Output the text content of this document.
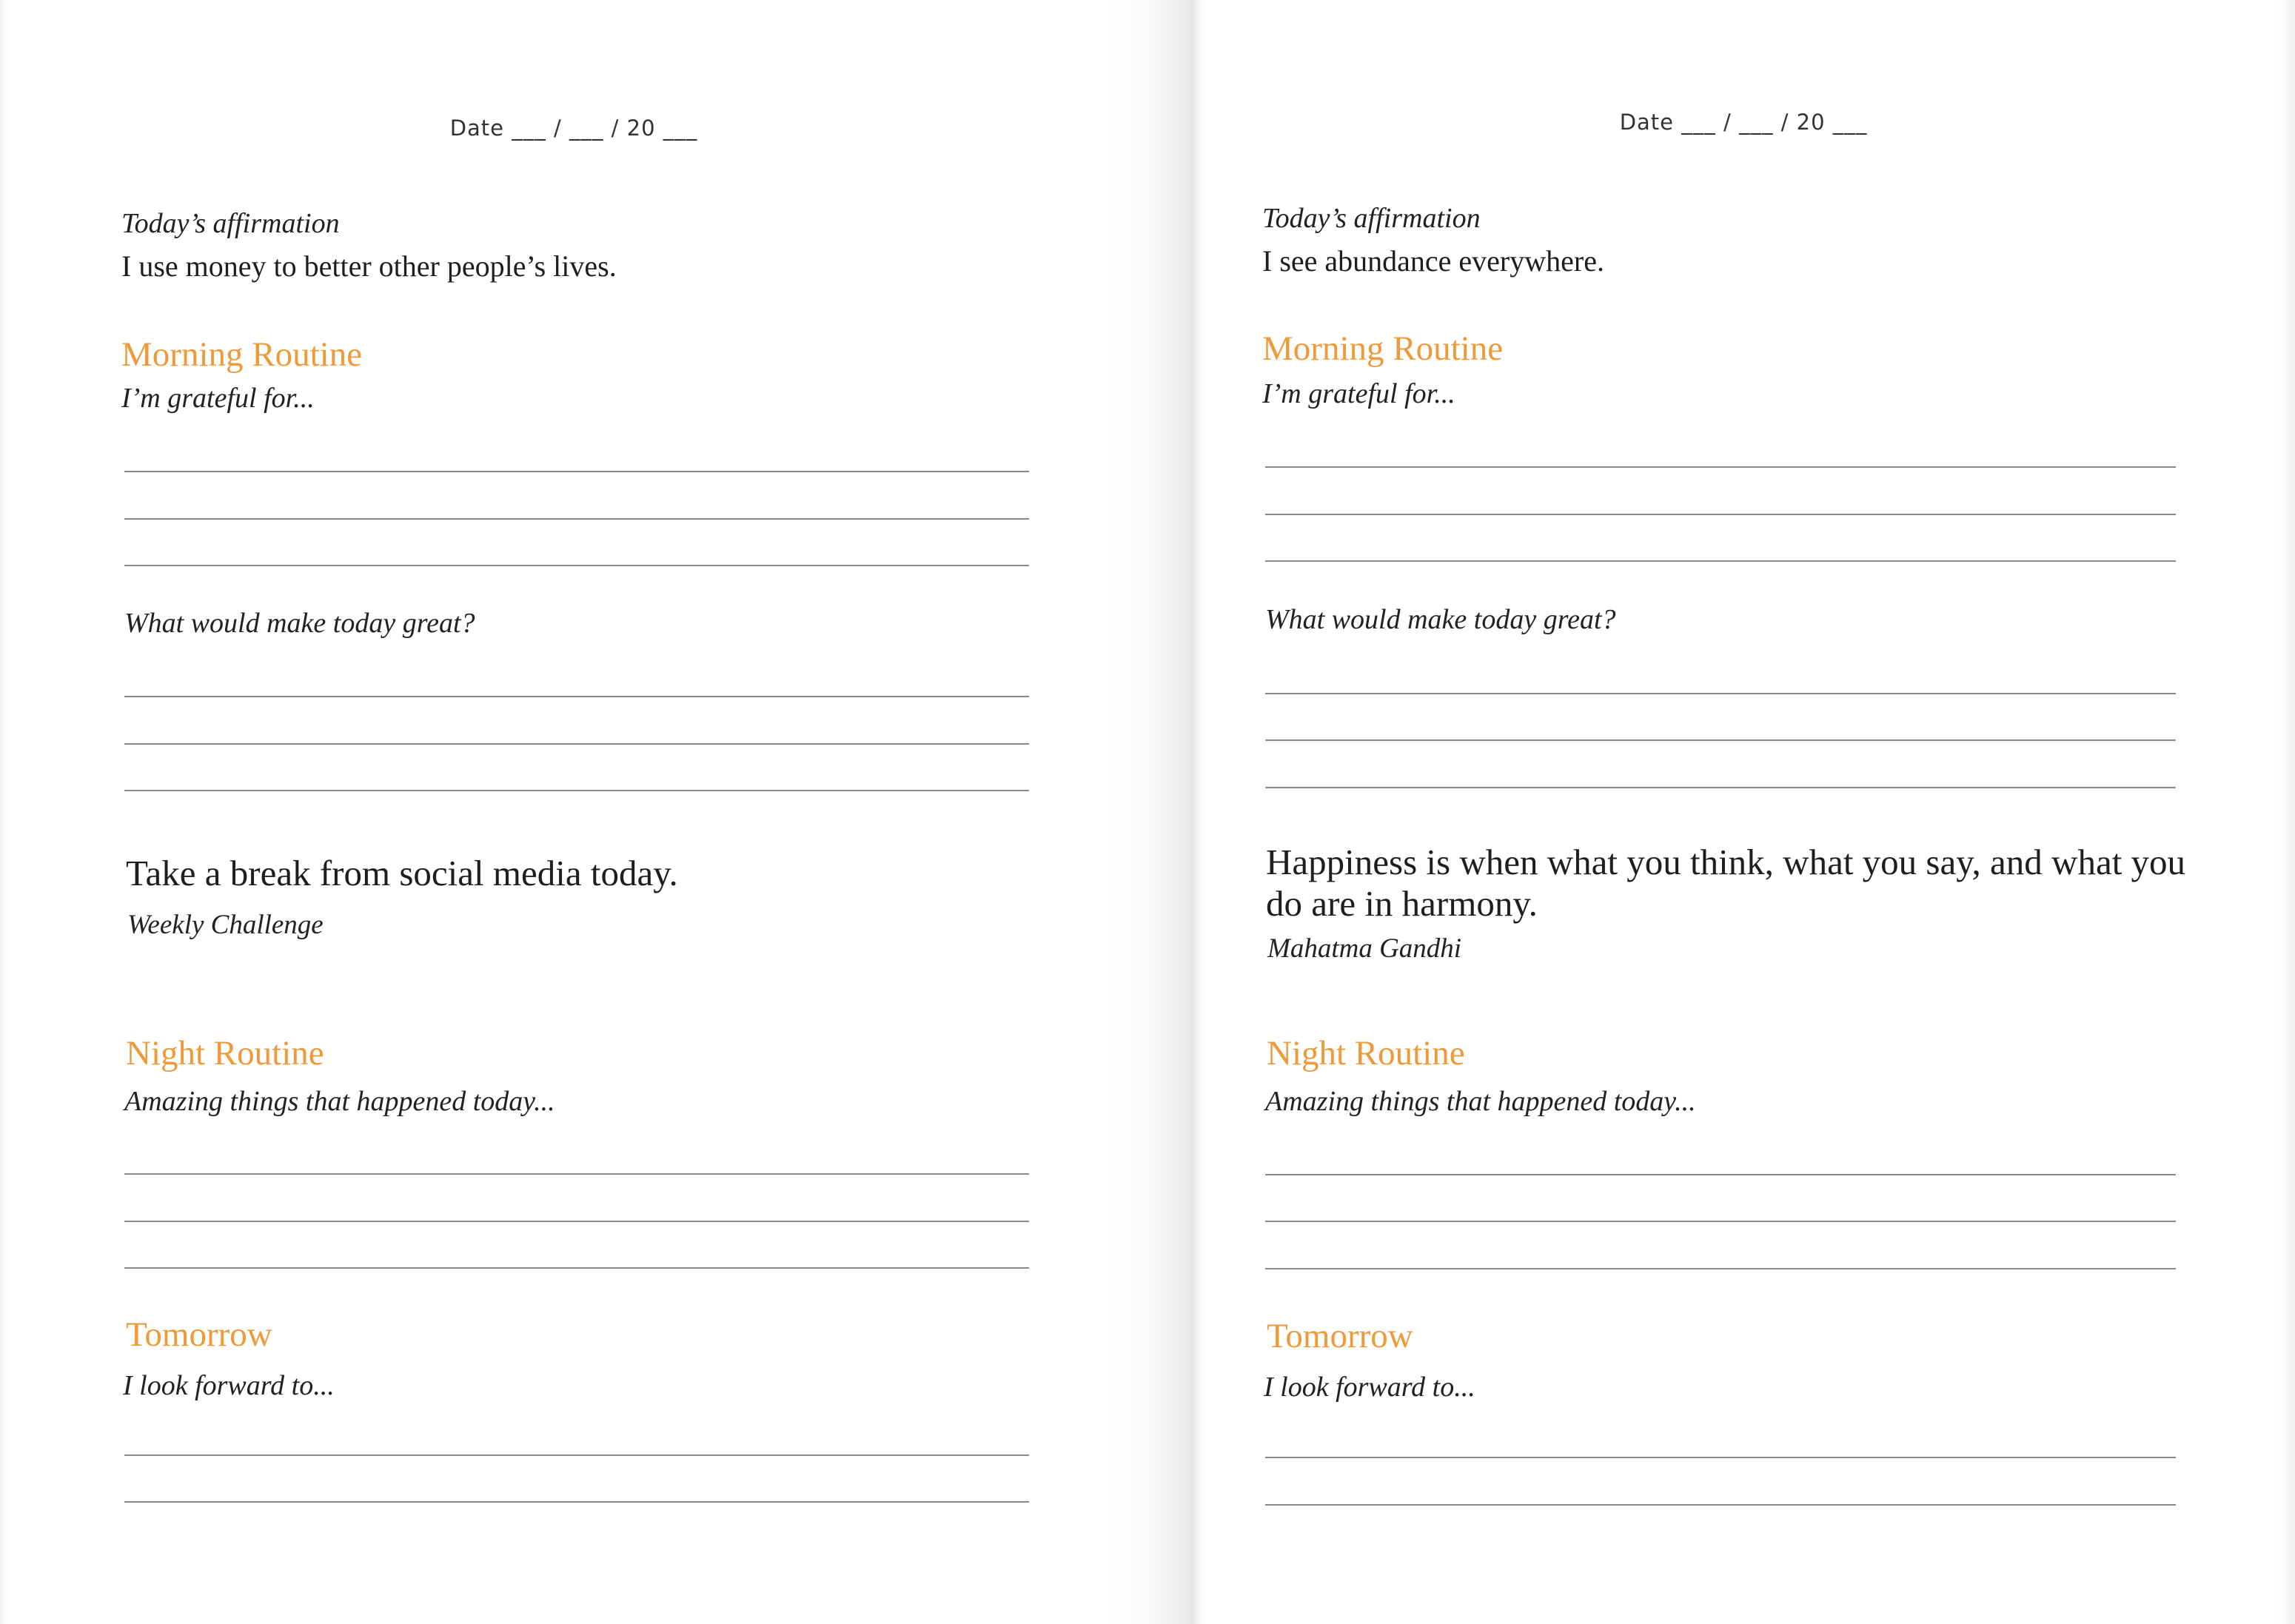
Date ___ / ___ / 20 ___
Today’s affirmation
I use money to better other people’s lives.
Morning Routine
I’m grateful for...
What would make today great?
Take a break from social media today.
Weekly Challenge
Night Routine
Amazing things that happened today...
Tomorrow
I look forward to...
Date ___ / ___ / 20 ___
Today’s affirmation
I see abundance everywhere.
Morning Routine
I’m grateful for...
What would make today great?
Happiness is when what you think, what you say, and what you do are in harmony.
Mahatma Gandhi
Night Routine
Amazing things that happened today...
Tomorrow
I look forward to...
